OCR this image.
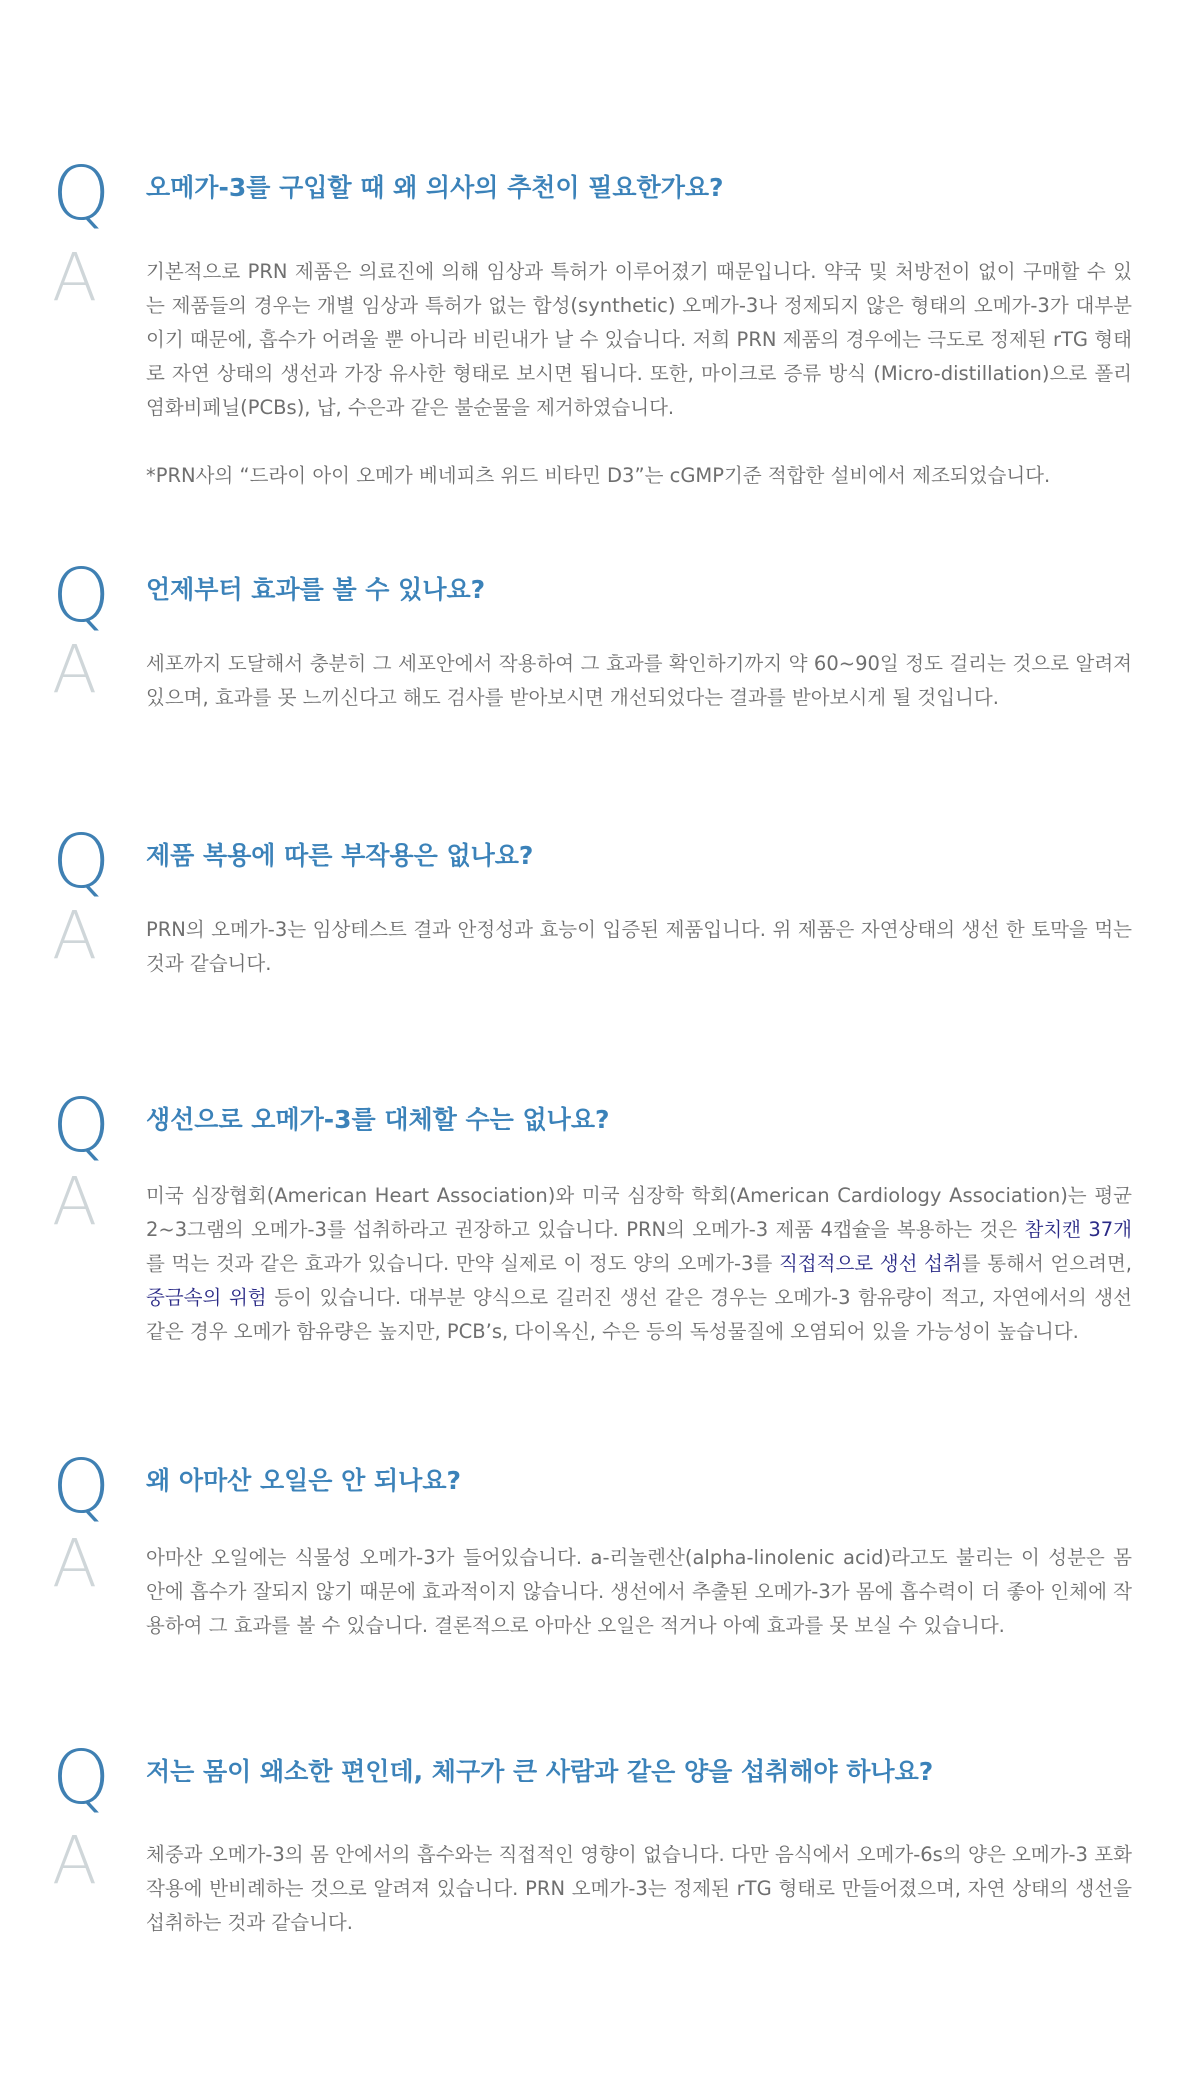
Q 오메가-3를 구입할 때 왜 의사의 추천이 필요한가요?
A	기본적으로 PRN 제품은 의료진에 의해 임상과 특허가 이루어졌기 때문입니다. 약국 및 처방전이 없이 구매할 수 있는 제품들의 경우는 개별 임상과 특허가 없는 합성(synthetic) 오메가-3나 정제되지 않은 형태의 오메가-3가 대부분이기 때문에, 흡수가 어려울 뿐 아니라 비린내가 날 수 있습니다. 저희 PRN 제품의 경우에는 극도로 정제된 rTG 형태로 자연 상태의 생선과 가장 유사한 형태로 보시면 됩니다. 또한, 마이크로 증류 방식 (Micro-distillation)으로 폴리염화비페닐(PCBs), 납, 수은과 같은 불순물을 제거하였습니다.

*PRN사의 “드라이 아이 오메가 베네피츠 위드 비타민 D3”는 cGMP기준 적합한 설비에서 제조되었습니다.

Q 언제부터 효과를 볼 수 있나요?
A	세포까지 도달해서 충분히 그 세포안에서 작용하여 그 효과를 확인하기까지 약 60~90일 정도 걸리는 것으로 알려져 있으며, 효과를 못 느끼신다고 해도 검사를 받아보시면 개선되었다는 결과를 받아보시게 될 것입니다.

Q 제품 복용에 따른 부작용은 없나요?
A	PRN의 오메가-3는 임상테스트 결과 안정성과 효능이 입증된 제품입니다. 위 제품은 자연상태의 생선 한 토막을 먹는 것과 같습니다.

Q 생선으로 오메가-3를 대체할 수는 없나요?
A	미국 심장협회(American Heart Association)와 미국 심장학 학회(American Cardiology Association)는 평균 2~3그램의 오메가-3를 섭취하라고 권장하고 있습니다. PRN의 오메가-3 제품 4캡슐을 복용하는 것은 참치캔 37개를 먹는 것과 같은 효과가 있습니다. 만약 실제로 이 정도 양의 오메가-3를 직접적으로 생선 섭취를 통해서 얻으려면, 중금속의 위험 등이 있습니다. 대부분 양식으로 길러진 생선 같은 경우는 오메가-3 함유량이 적고, 자연에서의 생선 같은 경우 오메가 함유량은 높지만, PCB’s, 다이옥신, 수은 등의 독성물질에 오염되어 있을 가능성이 높습니다.

Q 왜 아마산 오일은 안 되나요?
A	아마산 오일에는 식물성 오메가-3가 들어있습니다. a-리놀렌산(alpha-linolenic acid)라고도 불리는 이 성분은 몸 안에 흡수가 잘되지 않기 때문에 효과적이지 않습니다. 생선에서 추출된 오메가-3가 몸에 흡수력이 더 좋아 인체에 작용하여 그 효과를 볼 수 있습니다. 결론적으로 아마산 오일은 적거나 아예 효과를 못 보실 수 있습니다.

Q 저는 몸이 왜소한 편인데, 체구가 큰 사람과 같은 양을 섭취해야 하나요?
A	체중과 오메가-3의 몸 안에서의 흡수와는 직접적인 영향이 없습니다. 다만 음식에서 오메가-6s의 양은 오메가-3 포화작용에 반비례하는 것으로 알려져 있습니다. PRN 오메가-3는 정제된 rTG 형태로 만들어졌으며, 자연 상태의 생선을 섭취하는 것과 같습니다.
